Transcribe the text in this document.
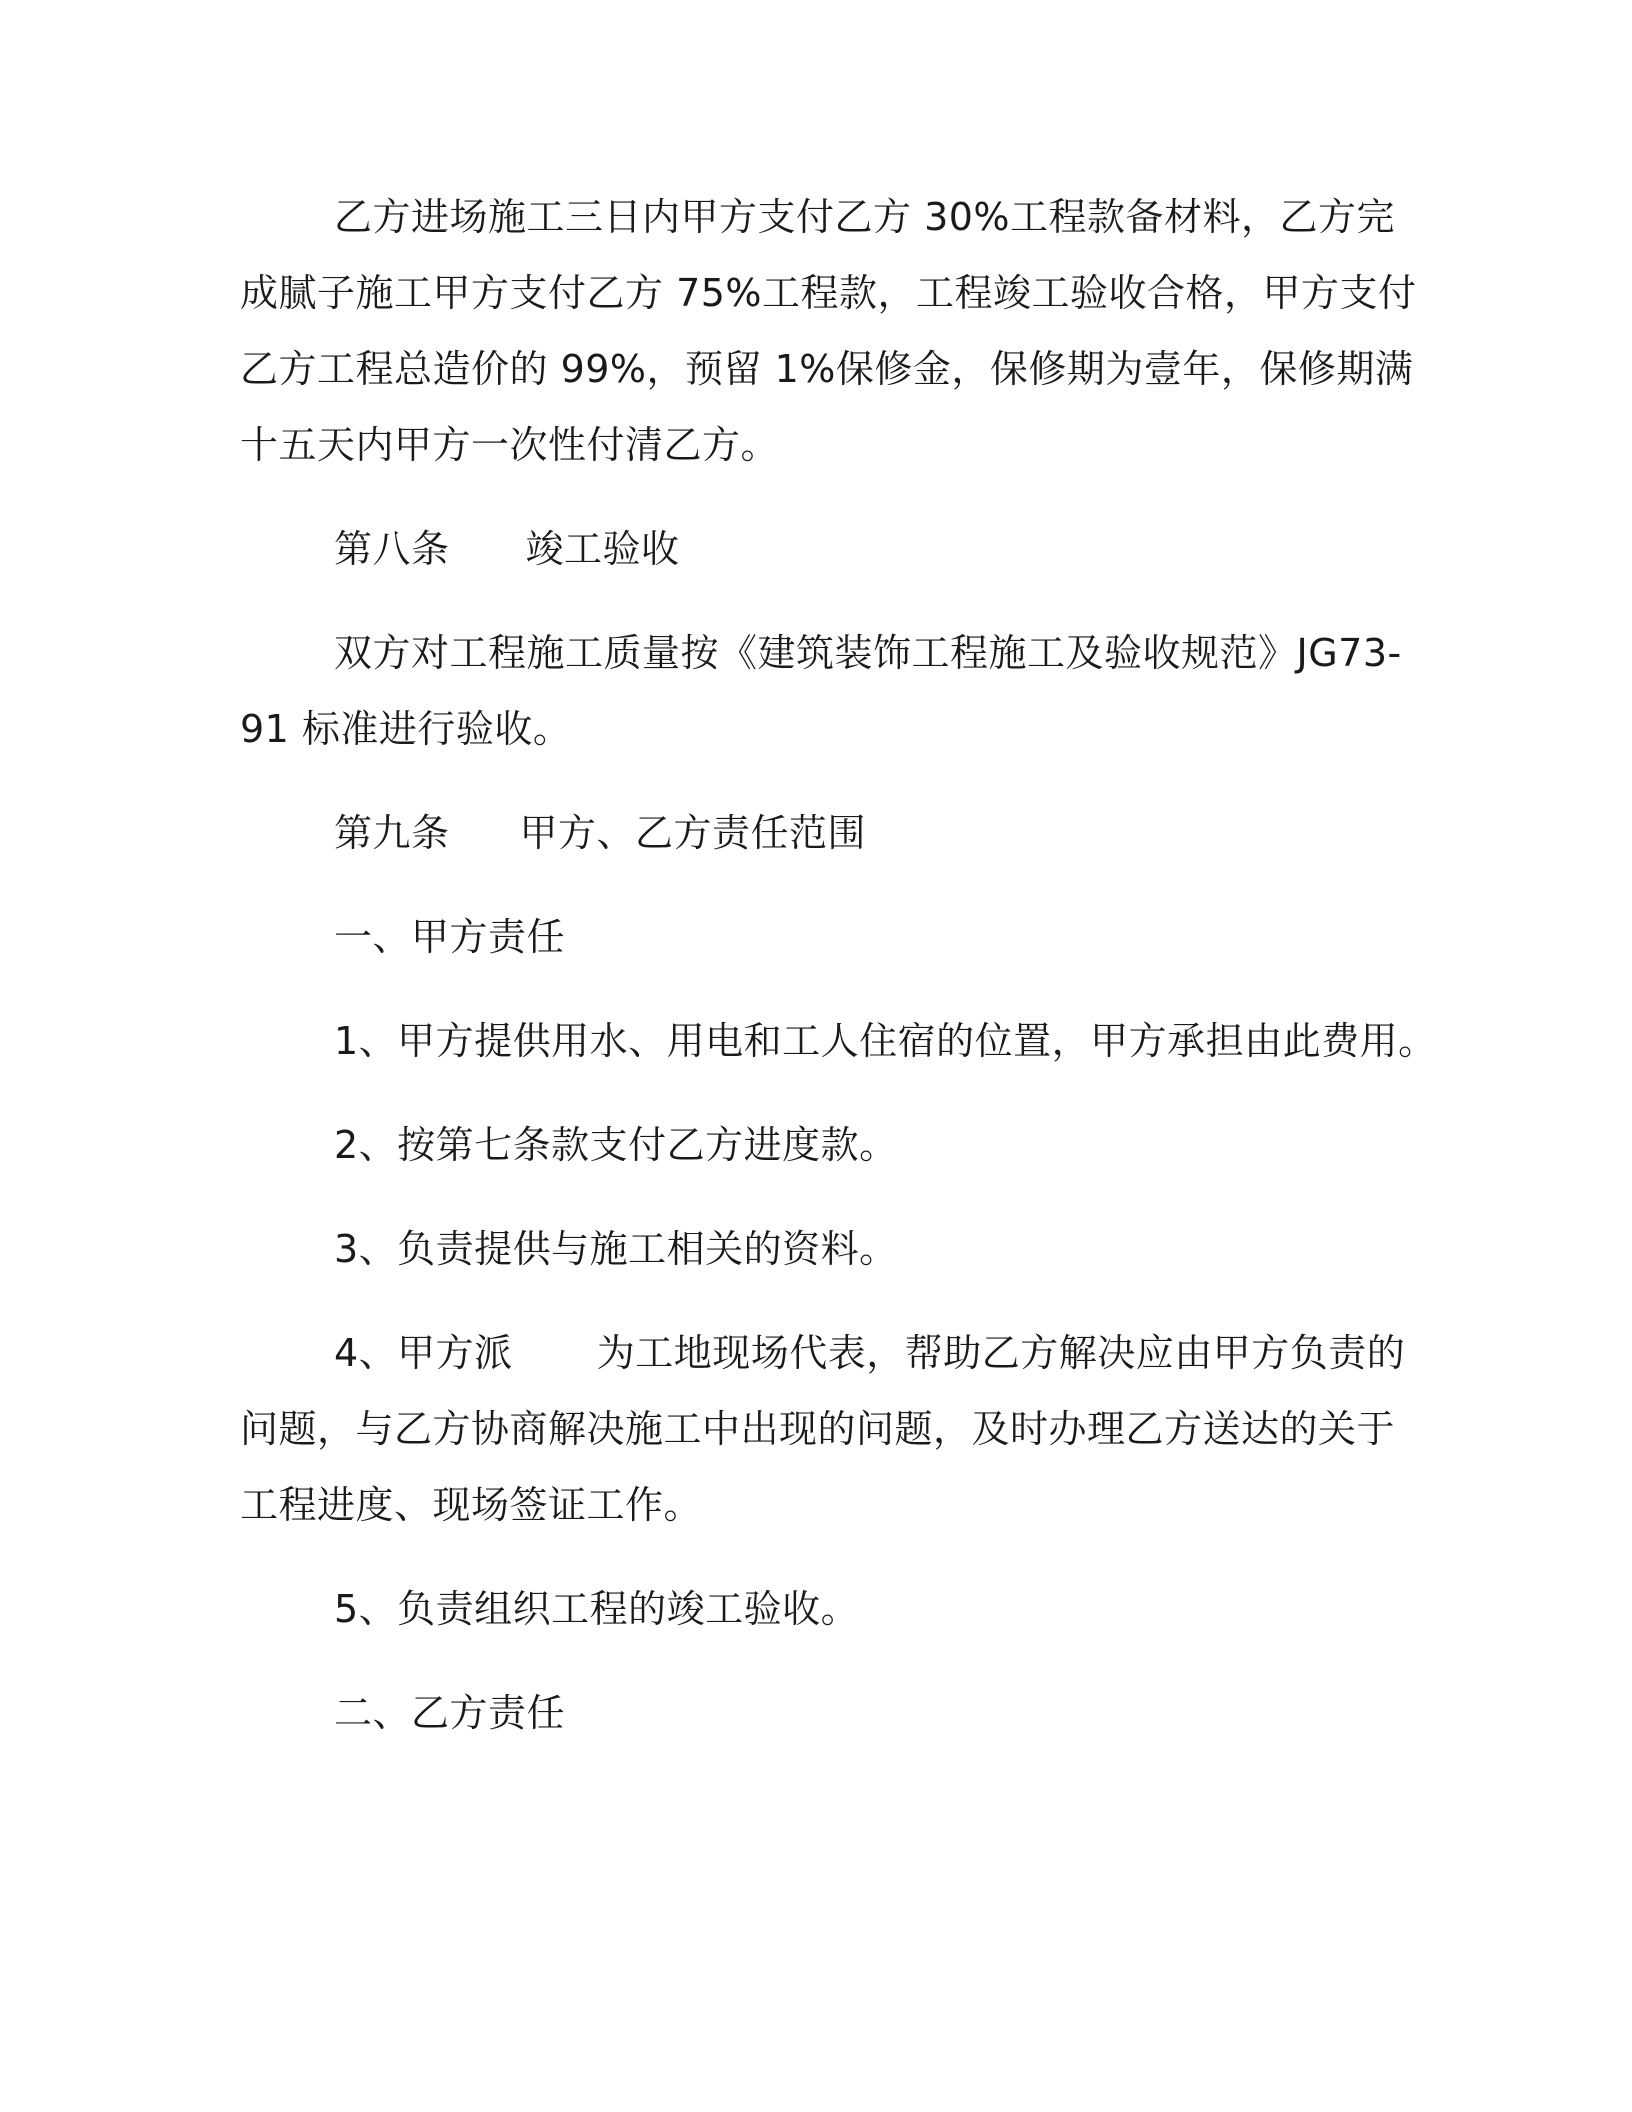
乙方进场施工三日内甲方支付乙方 30%工程款备材料，乙方完
成腻子施工甲方支付乙方 75%工程款，工程竣工验收合格，甲方支付
乙方工程总造价的 99%，预留 1%保修金，保修期为壹年，保修期满
十五天内甲方一次性付清乙方。
第八条 竣工验收
双方对工程施工质量按《建筑装饰工程施工及验收规范》JG73-
91 标准进行验收。
第九条 甲方、乙方责任范围
一、甲方责任
1、甲方提供用水、用电和工人住宿的位置，甲方承担由此费用。
2、按第七条款支付乙方进度款。
3、负责提供与施工相关的资料。
4、甲方派 为工地现场代表，帮助乙方解决应由甲方负责的
问题，与乙方协商解决施工中出现的问题，及时办理乙方送达的关于
工程进度、现场签证工作。
5、负责组织工程的竣工验收。
二、乙方责任
